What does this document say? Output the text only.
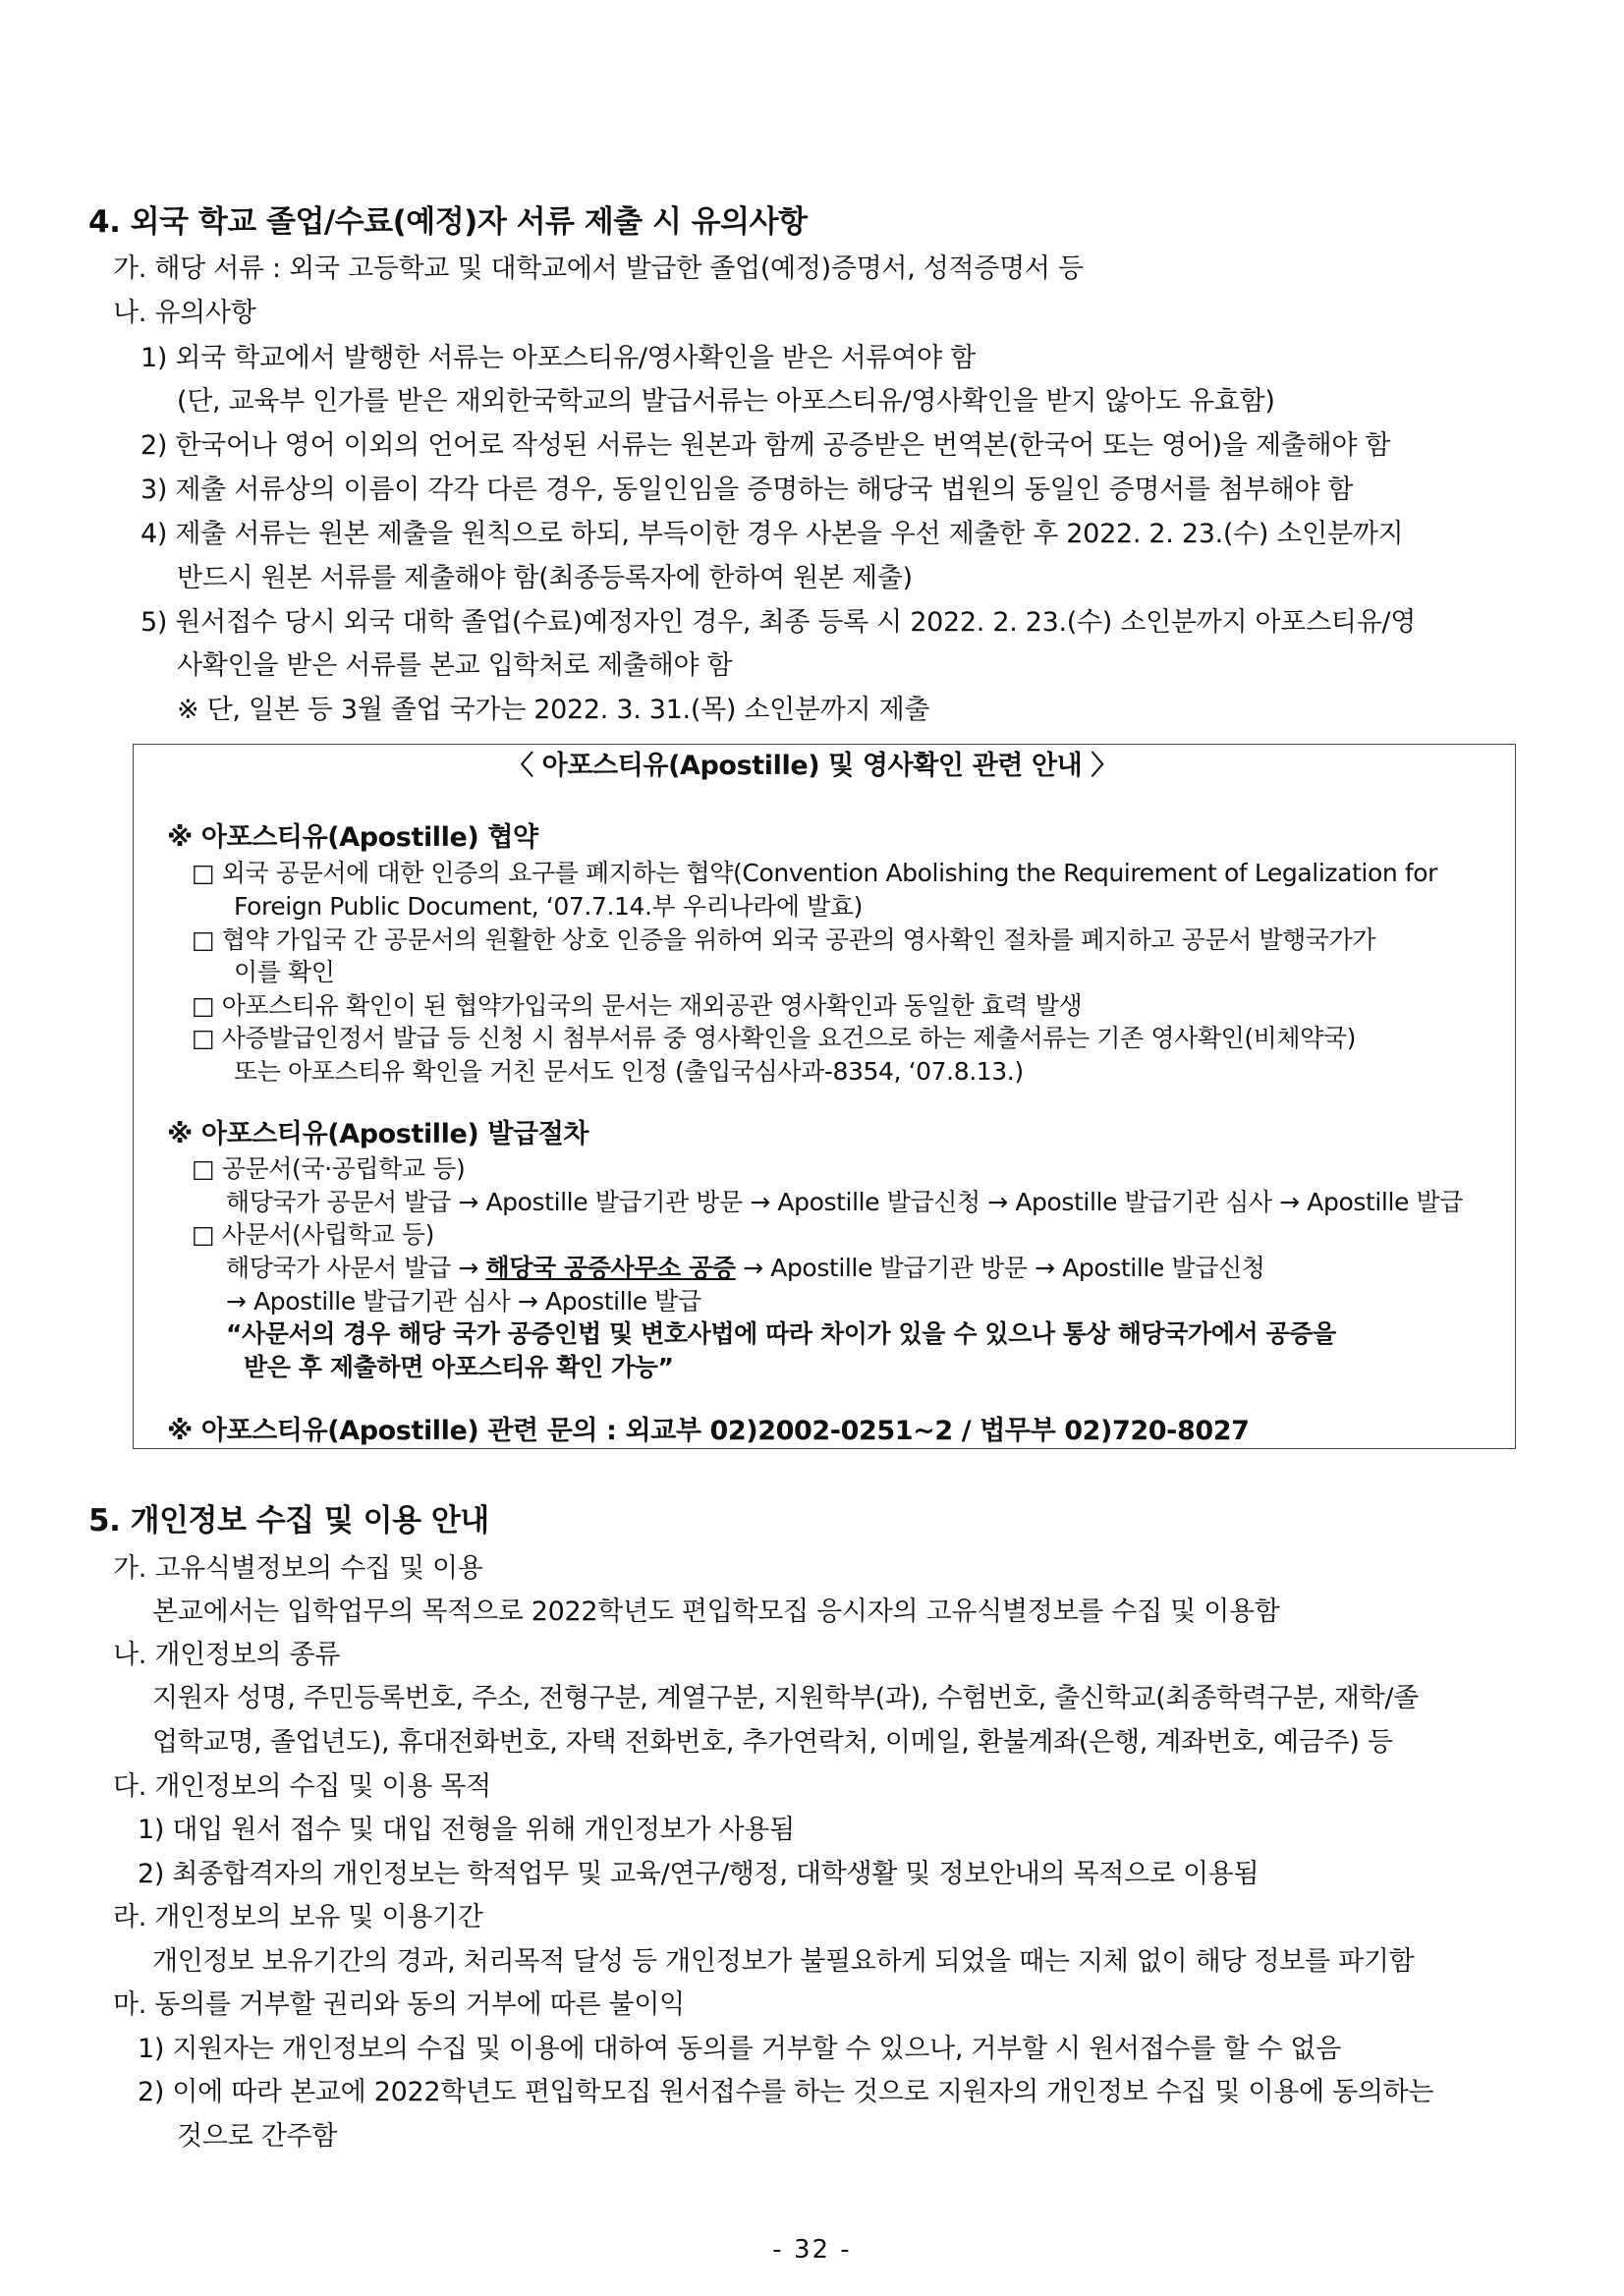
4. 외국 학교 졸업/수료(예정)자 서류 제출 시 유의사항
가. 해당 서류 : 외국 고등학교 및 대학교에서 발급한 졸업(예정)증명서, 성적증명서 등
나. 유의사항
1) 외국 학교에서 발행한 서류는 아포스티유/영사확인을 받은 서류여야 함
(단, 교육부 인가를 받은 재외한국학교의 발급서류는 아포스티유/영사확인을 받지 않아도 유효함)
2) 한국어나 영어 이외의 언어로 작성된 서류는 원본과 함께 공증받은 번역본(한국어 또는 영어)을 제출해야 함
3) 제출 서류상의 이름이 각각 다른 경우, 동일인임을 증명하는 해당국 법원의 동일인 증명서를 첨부해야 함
4) 제출 서류는 원본 제출을 원칙으로 하되, 부득이한 경우 사본을 우선 제출한 후 2022. 2. 23.(수) 소인분까지
반드시 원본 서류를 제출해야 함(최종등록자에 한하여 원본 제출)
5) 원서접수 당시 외국 대학 졸업(수료)예정자인 경우, 최종 등록 시 2022. 2. 23.(수) 소인분까지 아포스티유/영
사확인을 받은 서류를 본교 입학처로 제출해야 함
※ 단, 일본 등 3월 졸업 국가는 2022. 3. 31.(목) 소인분까지 제출
〈 아포스티유(Apostille) 및 영사확인 관련 안내 〉
※ 아포스티유(Apostille) 협약
□ 외국 공문서에 대한 인증의 요구를 폐지하는 협약(Convention Abolishing the Requirement of Legalization for
Foreign Public Document, ‘07.7.14.부 우리나라에 발효)
□ 협약 가입국 간 공문서의 원활한 상호 인증을 위하여 외국 공관의 영사확인 절차를 폐지하고 공문서 발행국가가
이를 확인
□ 아포스티유 확인이 된 협약가입국의 문서는 재외공관 영사확인과 동일한 효력 발생
□ 사증발급인정서 발급 등 신청 시 첨부서류 중 영사확인을 요건으로 하는 제출서류는 기존 영사확인(비체약국)
또는 아포스티유 확인을 거친 문서도 인정 (출입국심사과-8354, ‘07.8.13.)
※ 아포스티유(Apostille) 발급절차
□ 공문서(국·공립학교 등)
해당국가 공문서 발급 → Apostille 발급기관 방문 → Apostille 발급신청 → Apostille 발급기관 심사 → Apostille 발급
□ 사문서(사립학교 등)
해당국가 사문서 발급 → 해당국 공증사무소 공증 → Apostille 발급기관 방문 → Apostille 발급신청
→ Apostille 발급기관 심사 → Apostille 발급
“사문서의 경우 해당 국가 공증인법 및 변호사법에 따라 차이가 있을 수 있으나 통상 해당국가에서 공증을
받은 후 제출하면 아포스티유 확인 가능”
※ 아포스티유(Apostille) 관련 문의 : 외교부 02)2002-0251~2 / 법무부 02)720-8027
5. 개인정보 수집 및 이용 안내
가. 고유식별정보의 수집 및 이용
본교에서는 입학업무의 목적으로 2022학년도 편입학모집 응시자의 고유식별정보를 수집 및 이용함
나. 개인정보의 종류
지원자 성명, 주민등록번호, 주소, 전형구분, 계열구분, 지원학부(과), 수험번호, 출신학교(최종학력구분, 재학/졸
업학교명, 졸업년도), 휴대전화번호, 자택 전화번호, 추가연락처, 이메일, 환불계좌(은행, 계좌번호, 예금주) 등
다. 개인정보의 수집 및 이용 목적
1) 대입 원서 접수 및 대입 전형을 위해 개인정보가 사용됨
2) 최종합격자의 개인정보는 학적업무 및 교육/연구/행정, 대학생활 및 정보안내의 목적으로 이용됨
라. 개인정보의 보유 및 이용기간
개인정보 보유기간의 경과, 처리목적 달성 등 개인정보가 불필요하게 되었을 때는 지체 없이 해당 정보를 파기함
마. 동의를 거부할 권리와 동의 거부에 따른 불이익
1) 지원자는 개인정보의 수집 및 이용에 대하여 동의를 거부할 수 있으나, 거부할 시 원서접수를 할 수 없음
2) 이에 따라 본교에 2022학년도 편입학모집 원서접수를 하는 것으로 지원자의 개인정보 수집 및 이용에 동의하는
것으로 간주함
- 32 -
